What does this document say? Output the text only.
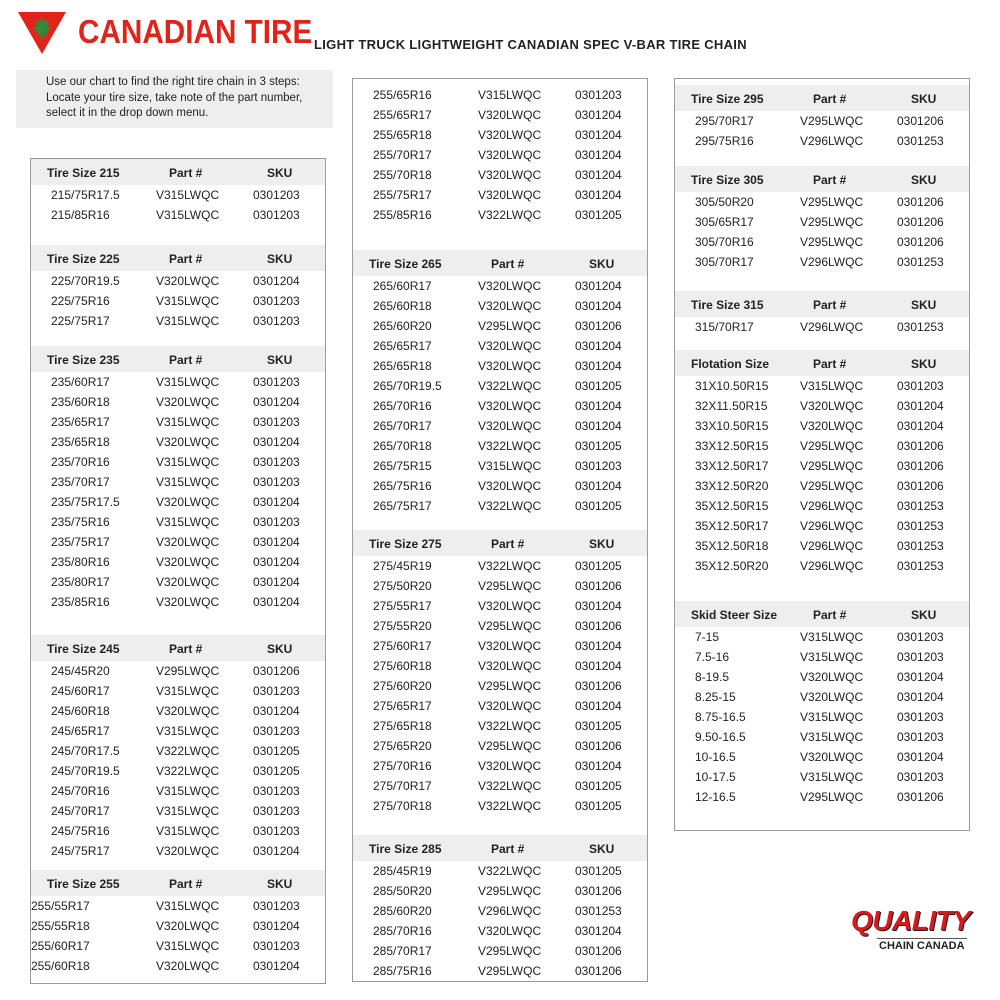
CANADIAN TIRE LIGHT TRUCK LIGHTWEIGHT CANADIAN SPEC V-BAR TIRE CHAIN
Use our chart to find the right tire chain in 3 steps:
Locate your tire size, take note of the part number,
select it in the drop down menu.
Tire Size 215	Part #	SKU
215/75R17.5	V315LWQC	0301203
215/85R16	V315LWQC	0301203
Tire Size 225	Part #	SKU
225/70R19.5	V320LWQC	0301204
225/75R16	V315LWQC	0301203
225/75R17	V315LWQC	0301203
Tire Size 235	Part #	SKU
235/60R17	V315LWQC	0301203
235/60R18	V320LWQC	0301204
235/65R17	V315LWQC	0301203
235/65R18	V320LWQC	0301204
235/70R16	V315LWQC	0301203
235/70R17	V315LWQC	0301203
235/75R17.5	V320LWQC	0301204
235/75R16	V315LWQC	0301203
235/75R17	V320LWQC	0301204
235/80R16	V320LWQC	0301204
235/80R17	V320LWQC	0301204
235/85R16	V320LWQC	0301204
Tire Size 245	Part #	SKU
245/45R20	V295LWQC	0301206
245/60R17	V315LWQC	0301203
245/60R18	V320LWQC	0301204
245/65R17	V315LWQC	0301203
245/70R17.5	V322LWQC	0301205
245/70R19.5	V322LWQC	0301205
245/70R16	V315LWQC	0301203
245/70R17	V315LWQC	0301203
245/75R16	V315LWQC	0301203
245/75R17	V320LWQC	0301204
Tire Size 255	Part #	SKU
255/55R17	V315LWQC	0301203
255/55R18	V320LWQC	0301204
255/60R17	V315LWQC	0301203
255/60R18	V320LWQC	0301204
255/65R16	V315LWQC	0301203
255/65R17	V320LWQC	0301204
255/65R18	V320LWQC	0301204
255/70R17	V320LWQC	0301204
255/70R18	V320LWQC	0301204
255/75R17	V320LWQC	0301204
255/85R16	V322LWQC	0301205
Tire Size 265	Part #	SKU
265/60R17	V320LWQC	0301204
265/60R18	V320LWQC	0301204
265/60R20	V295LWQC	0301206
265/65R17	V320LWQC	0301204
265/65R18	V320LWQC	0301204
265/70R19.5	V322LWQC	0301205
265/70R16	V320LWQC	0301204
265/70R17	V320LWQC	0301204
265/70R18	V322LWQC	0301205
265/75R15	V315LWQC	0301203
265/75R16	V320LWQC	0301204
265/75R17	V322LWQC	0301205
Tire Size 275	Part #	SKU
275/45R19	V322LWQC	0301205
275/50R20	V295LWQC	0301206
275/55R17	V320LWQC	0301204
275/55R20	V295LWQC	0301206
275/60R17	V320LWQC	0301204
275/60R18	V320LWQC	0301204
275/60R20	V295LWQC	0301206
275/65R17	V320LWQC	0301204
275/65R18	V322LWQC	0301205
275/65R20	V295LWQC	0301206
275/70R16	V320LWQC	0301204
275/70R17	V322LWQC	0301205
275/70R18	V322LWQC	0301205
Tire Size 285	Part #	SKU
285/45R19	V322LWQC	0301205
285/50R20	V295LWQC	0301206
285/60R20	V296LWQC	0301253
285/70R16	V320LWQC	0301204
285/70R17	V295LWQC	0301206
285/75R16	V295LWQC	0301206
Tire Size 295	Part #	SKU
295/70R17	V295LWQC	0301206
295/75R16	V296LWQC	0301253
Tire Size 305	Part #	SKU
305/50R20	V295LWQC	0301206
305/65R17	V295LWQC	0301206
305/70R16	V295LWQC	0301206
305/70R17	V296LWQC	0301253
Tire Size 315	Part #	SKU
315/70R17	V296LWQC	0301253
Flotation Size	Part #	SKU
31X10.50R15	V315LWQC	0301203
32X11.50R15	V320LWQC	0301204
33X10.50R15	V320LWQC	0301204
33X12.50R15	V295LWQC	0301206
33X12.50R17	V295LWQC	0301206
33X12.50R20	V295LWQC	0301206
35X12.50R15	V296LWQC	0301253
35X12.50R17	V296LWQC	0301253
35X12.50R18	V296LWQC	0301253
35X12.50R20	V296LWQC	0301253
Skid Steer Size	Part #	SKU
7-15	V315LWQC	0301203
7.5-16	V315LWQC	0301203
8-19.5	V320LWQC	0301204
8.25-15	V320LWQC	0301204
8.75-16.5	V315LWQC	0301203
9.50-16.5	V315LWQC	0301203
10-16.5	V320LWQC	0301204
10-17.5	V315LWQC	0301203
12-16.5	V295LWQC	0301206
QUALITY
CHAIN CANADA
